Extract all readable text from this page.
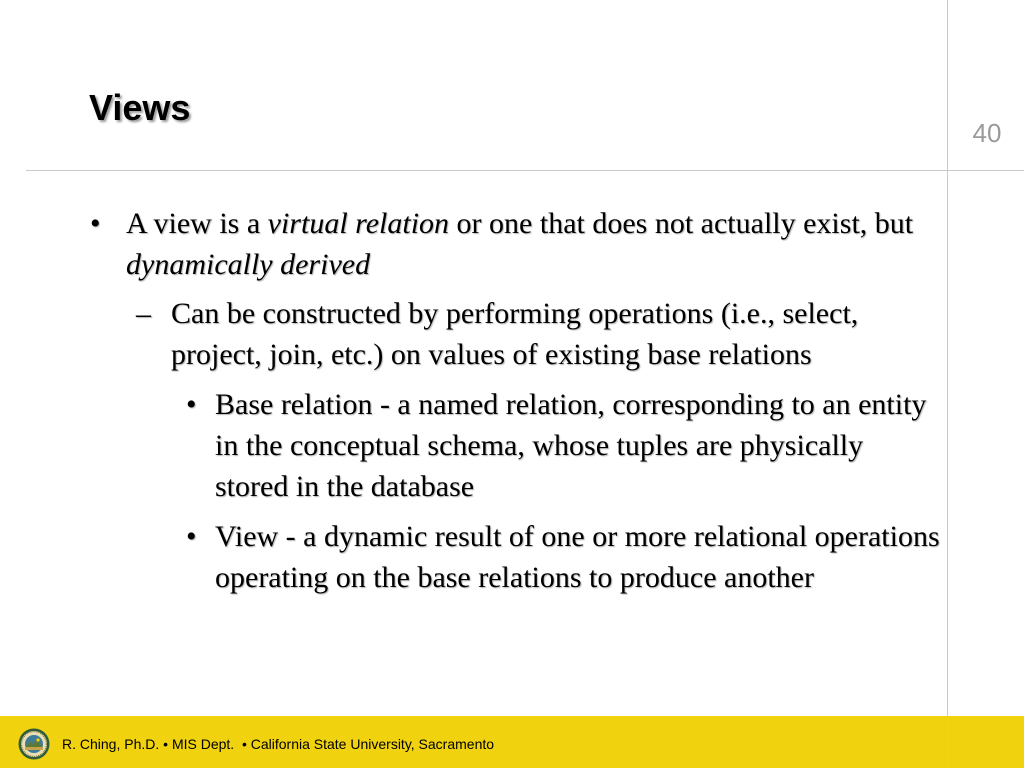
Views
40
• A view is a virtual relation or one that does not actually exist, but dynamically derived
– Can be constructed by performing operations (i.e., select, project, join, etc.) on values of existing base relations
• Base relation - a named relation, corresponding to an entity in the conceptual schema, whose tuples are physically stored in the database
• View - a dynamic result of one or more relational operations operating on the base relations to produce another
R. Ching, Ph.D. • MIS Dept.  • California State University, Sacramento
